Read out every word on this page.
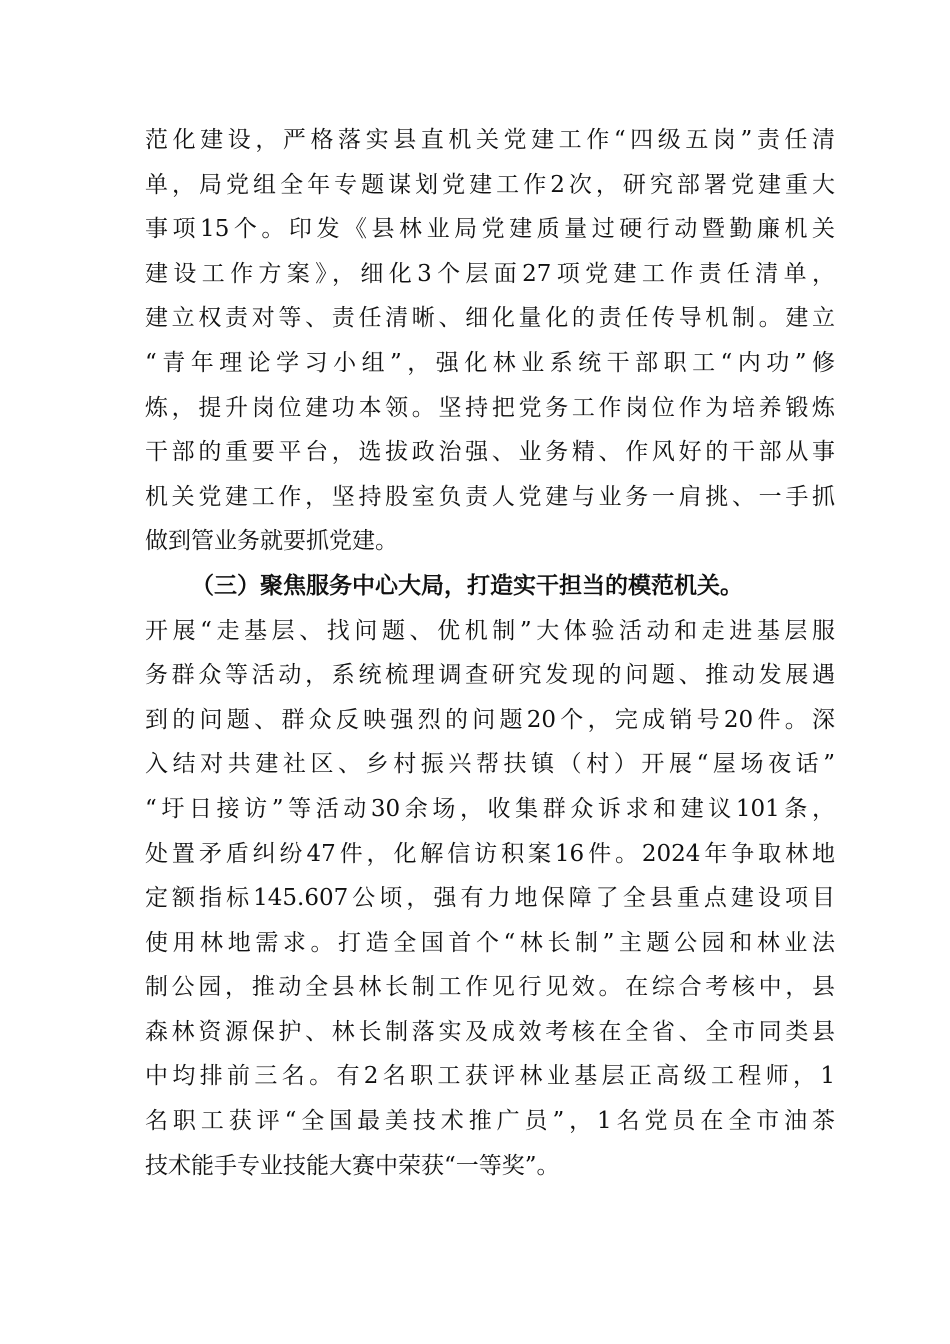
范化建设，严格落实县直机关党建工作“四级五岗”责任清
单，局党组全年专题谋划党建工作2次，研究部署党建重大
事项15个。印发《县林业局党建质量过硬行动暨勤廉机关
建设工作方案》，细化3个层面27项党建工作责任清单，
建立权责对等、责任清晰、细化量化的责任传导机制。建立
“青年理论学习小组”，强化林业系统干部职工“内功”修
炼，提升岗位建功本领。坚持把党务工作岗位作为培养锻炼
干部的重要平台，选拔政治强、业务精、作风好的干部从事
机关党建工作，坚持股室负责人党建与业务一肩挑、一手抓
做到管业务就要抓党建。
（三）聚焦服务中心大局，打造实干担当的模范机关。
开展“走基层、找问题、优机制”大体验活动和走进基层服
务群众等活动，系统梳理调查研究发现的问题、推动发展遇
到的问题、群众反映强烈的问题20个，完成销号20件。深
入结对共建社区、乡村振兴帮扶镇（村）开展“屋场夜话”
“圩日接访”等活动30余场，收集群众诉求和建议101条，
处置矛盾纠纷47件，化解信访积案16件。2024年争取林地
定额指标145.607公顷，强有力地保障了全县重点建设项目
使用林地需求。打造全国首个“林长制”主题公园和林业法
制公园，推动全县林长制工作见行见效。在综合考核中，县
森林资源保护、林长制落实及成效考核在全省、全市同类县
中均排前三名。有2名职工获评林业基层正高级工程师，1
名职工获评“全国最美技术推广员”，1名党员在全市油茶
技术能手专业技能大赛中荣获“一等奖”。
